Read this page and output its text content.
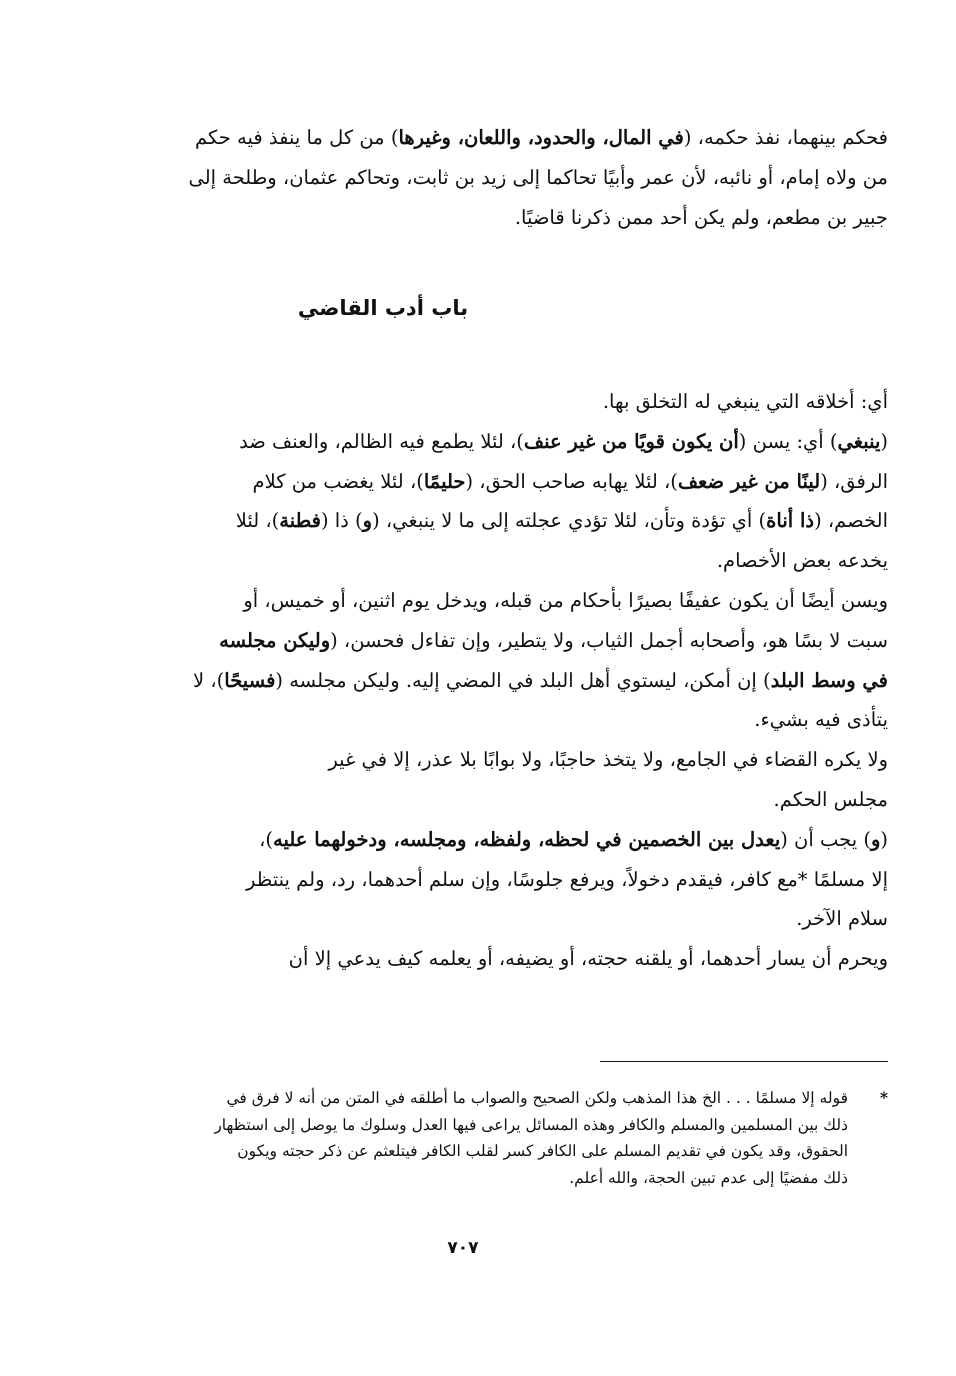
فحكم بينهما، نفذ حكمه، (في المال، والحدود، واللعان، وغيرها) من كل ما ينفذ فيه حكم
من ولاه إمام، أو نائبه، لأن عمر وأبيًا تحاكما إلى زيد بن ثابت، وتحاكم عثمان، وطلحة إلى
جبير بن مطعم، ولم يكن أحد ممن ذكرنا قاضيًا.

باب أدب القاضي

أي: أخلاقه التي ينبغي له التخلق بها.

(ينبغي) أي: يسن (أن يكون قويًا من غير عنف)، لئلا يطمع فيه الظالم، والعنف ضد
الرفق، (لينًا من غير ضعف)، لئلا يهابه صاحب الحق، (حليمًا)، لئلا يغضب من كلام
الخصم، (ذا أناة) أي تؤدة وتأن، لئلا تؤدي عجلته إلى ما لا ينبغي، (و) ذا (فطنة)، لئلا
يخدعه بعض الأخصام.

ويسن أيضًا أن يكون عفيفًا بصيرًا بأحكام من قبله، ويدخل يوم اثنين، أو خميس، أو
سبت لا بسًا هو، وأصحابه أجمل الثياب، ولا يتطير، وإن تفاءل فحسن، (وليكن مجلسه
في وسط البلد) إن أمكن، ليستوي أهل البلد في المضي إليه. وليكن مجلسه (فسيحًا)، لا
يتأذى فيه بشيء.

ولا يكره القضاء في الجامع، ولا يتخذ حاجبًا، ولا بوابًا بلا عذر، إلا في غير
مجلس الحكم.

(و) يجب أن (يعدل بين الخصمين في لحظه، ولفظه، ومجلسه، ودخولهما عليه)،
إلا مسلمًا *مع كافر، فيقدم دخولاً، ويرفع جلوسًا، وإن سلم أحدهما، رد، ولم ينتظر
سلام الآخر.

ويحرم أن يسار أحدهما، أو يلقنه حجته، أو يضيفه، أو يعلمه كيف يدعي إلا أن

*
قوله إلا مسلمًا . . . الخ هذا المذهب ولكن الصحيح والصواب ما أطلقه في المتن من أنه لا فرق في
ذلك بين المسلمين والمسلم والكافر وهذه المسائل يراعى فيها العدل وسلوك ما يوصل إلى استظهار
الحقوق، وقد يكون في تقديم المسلم على الكافر كسر لقلب الكافر فيتلعثم عن ذكر حجته ويكون
ذلك مفضيًا إلى عدم تبين الحجة، والله أعلم.
٧٠٧
